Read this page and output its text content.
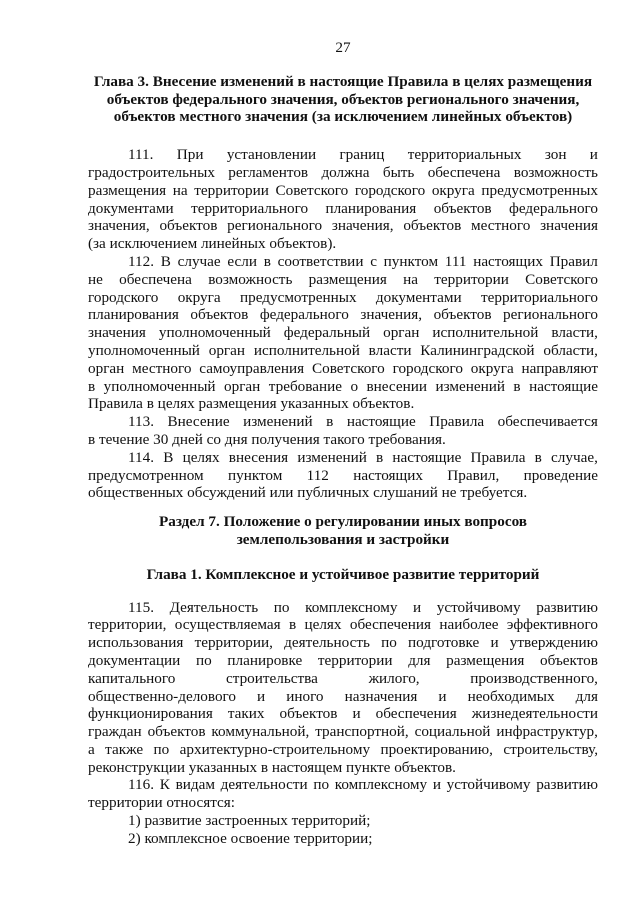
27
Глава 3. Внесение изменений в настоящие Правила в целях размещения
объектов федерального значения, объектов регионального значения,
объектов местного значения (за исключением линейных объектов)
111. При установлении границ территориальных зон и
градостроительных регламентов должна быть обеспечена возможность
размещения на территории Советского городского округа предусмотренных
документами территориального планирования объектов федерального
значения, объектов регионального значения, объектов местного значения
(за исключением линейных объектов).
112. В случае если в соответствии с пунктом 111 настоящих Правил
не обеспечена возможность размещения на территории Советского
городского округа предусмотренных документами территориального
планирования объектов федерального значения, объектов регионального
значения уполномоченный федеральный орган исполнительной власти,
уполномоченный орган исполнительной власти Калининградской области,
орган местного самоуправления Советского городского округа направляют
в уполномоченный орган требование о внесении изменений в настоящие
Правила в целях размещения указанных объектов.
113. Внесение изменений в настоящие Правила обеспечивается
в течение 30 дней со дня получения такого требования.
114. В целях внесения изменений в настоящие Правила в случае,
предусмотренном пунктом 112 настоящих Правил, проведение
общественных обсуждений или публичных слушаний не требуется.
Раздел 7. Положение о регулировании иных вопросов
землепользования и застройки
Глава 1. Комплексное и устойчивое развитие территорий
115. Деятельность по комплексному и устойчивому развитию
территории, осуществляемая в целях обеспечения наиболее эффективного
использования территории, деятельность по подготовке и утверждению
документации по планировке территории для размещения объектов
капитального	строительства	жилого,	производственного,
общественно-делового и иного назначения и необходимых для
функционирования таких объектов и обеспечения жизнедеятельности
граждан объектов коммунальной, транспортной, социальной инфраструктур,
а также по архитектурно-строительному проектированию, строительству,
реконструкции указанных в настоящем пункте объектов.
116. К видам деятельности по комплексному и устойчивому развитию
территории относятся:
1) развитие застроенных территорий;
2) комплексное освоение территории;
